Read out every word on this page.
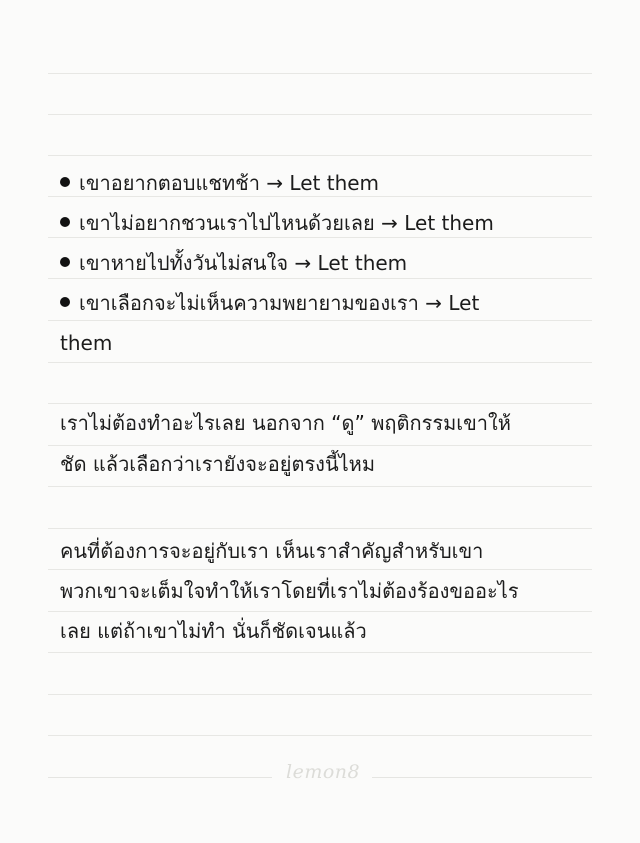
เขาอยากตอบแชทช้า → Let them
เขาไม่อยากชวนเราไปไหนด้วยเลย → Let them
เขาหายไปทั้งวันไม่สนใจ → Let them
เขาเลือกจะไม่เห็นความพยายามของเรา → Let
them
เราไม่ต้องทำอะไรเลย นอกจาก “ดู” พฤติกรรมเขาให้
ชัด แล้วเลือกว่าเรายังจะอยู่ตรงนี้ไหม
คนที่ต้องการจะอยู่กับเรา เห็นเราสำคัญสำหรับเขา
พวกเขาจะเต็มใจทำให้เราโดยที่เราไม่ต้องร้องขออะไร
เลย แต่ถ้าเขาไม่ทำ นั่นก็ชัดเจนแล้ว
lemon8
